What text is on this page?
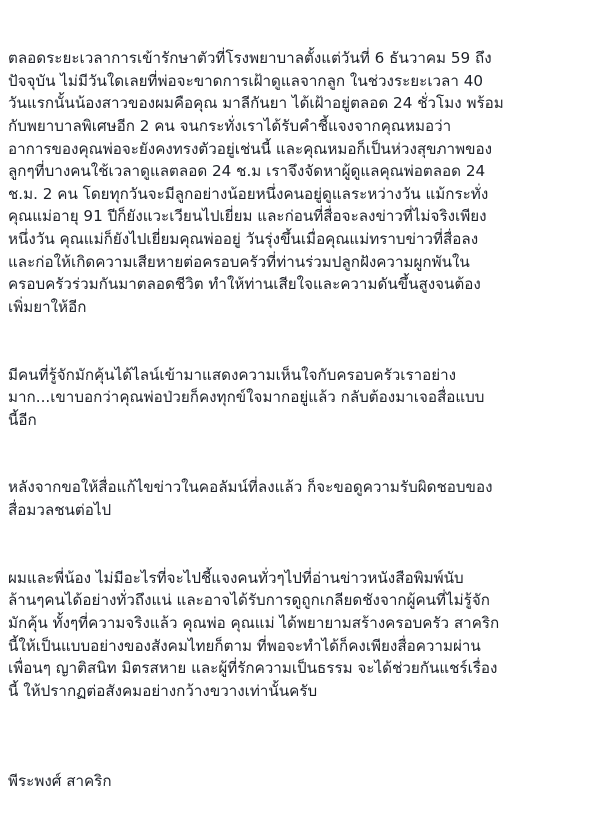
ตลอดระยะเวลาการเข้ารักษาตัวที่โรงพยาบาลตั้งแต่วันที่ 6 ธันวาคม 59 ถึง
ปัจจุบัน ไม่มีวันใดเลยที่พ่อจะขาดการเฝ้าดูแลจากลูก ในช่วงระยะเวลา 40
วันแรกนั้นน้องสาวของผมคือคุณ มาลีกันยา ได้เฝ้าอยู่ตลอด 24 ชั่วโมง พร้อม
กับพยาบาลพิเศษอีก 2 คน จนกระทั่งเราได้รับคำชี้แจงจากคุณหมอว่า
อาการของคุณพ่อจะยังคงทรงตัวอยู่เช่นนี้ และคุณหมอก็เป็นห่วงสุขภาพของ
ลูกๆที่บางคนใช้เวลาดูแลตลอด 24 ช.ม เราจึงจัดหาผู้ดูแลคุณพ่อตลอด 24
ช.ม. 2 คน โดยทุกวันจะมีลูกอย่างน้อยหนึ่งคนอยู่ดูแลระหว่างวัน แม้กระทั่ง
คุณแม่อายุ 91 ปีก็ยังแวะเวียนไปเยี่ยม และก่อนที่สื่อจะลงข่าวที่ไม่จริงเพียง
หนึ่งวัน คุณแม่ก็ยังไปเยี่ยมคุณพ่ออยู่ วันรุ่งขึ้นเมื่อคุณแม่ทราบข่าวที่สื่อลง
และก่อให้เกิดความเสียหายต่อครอบครัวที่ท่านร่วมปลูกฝังความผูกพันใน
ครอบครัวร่วมกันมาตลอดชีวิต ทำให้ท่านเสียใจและความดันขึ้นสูงจนต้อง
เพิ่มยาให้อีก

มีคนที่รู้จักมักคุ้นได้ไลน์เข้ามาแสดงความเห็นใจกับครอบครัวเราอย่าง
มาก...เขาบอกว่าคุณพ่อป่วยก็คงทุกข์ใจมากอยู่แล้ว กลับต้องมาเจอสื่อแบบ
นี้อีก

หลังจากขอให้สื่อแก้ไขข่าวในคอลัมน์ที่ลงแล้ว ก็จะขอดูความรับผิดชอบของ
สื่อมวลชนต่อไป

ผมและพี่น้อง ไม่มีอะไรที่จะไปชี้แจงคนทั่วๆไปที่อ่านข่าวหนังสือพิมพ์นับ
ล้านๆคนได้อย่างทั่วถึงแน่ และอาจได้รับการดูถูกเกลียดชังจากผู้คนที่ไม่รู้จัก
มักคุ้น ทั้งๆที่ความจริงแล้ว คุณพ่อ คุณแม่ ได้พยายามสร้างครอบครัว สาคริก
นี้ให้เป็นแบบอย่างของสังคมไทยก็ตาม ที่พอจะทำได้ก็คงเพียงสื่อความผ่าน
เพื่อนๆ ญาติสนิท มิตรสหาย และผู้ที่รักความเป็นธรรม จะได้ช่วยกันแชร์เรื่อง
นี้ ให้ปรากฏต่อสังคมอย่างกว้างขวางเท่านั้นครับ

พีระพงศ์ สาคริก
